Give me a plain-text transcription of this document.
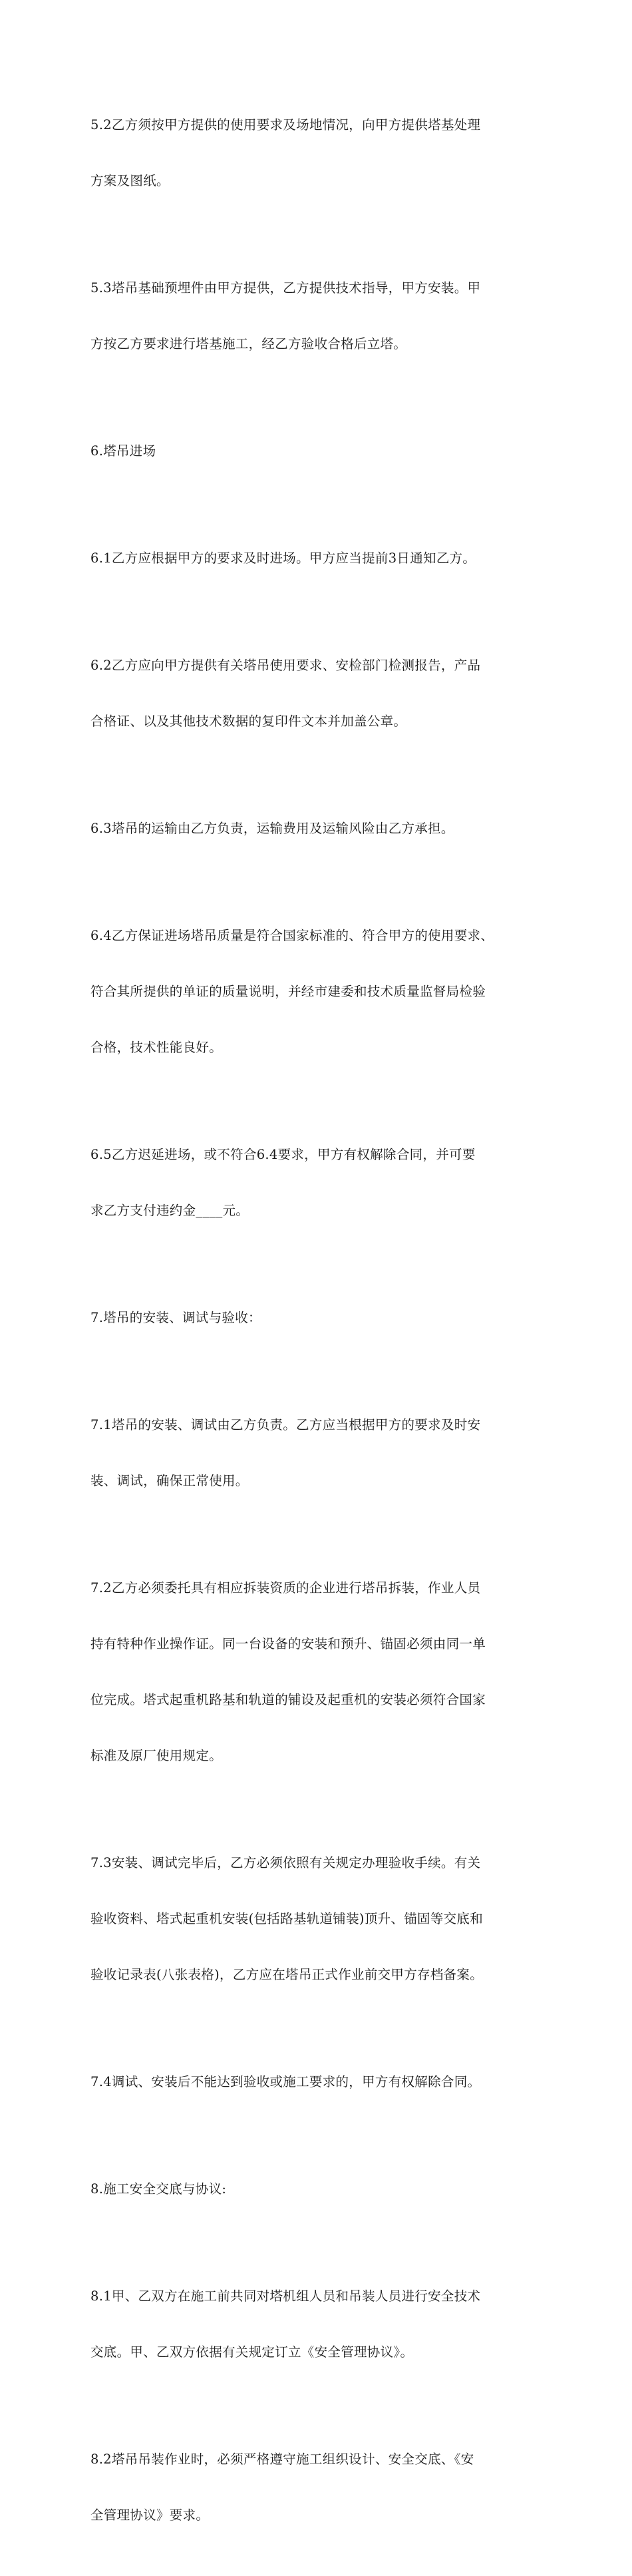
5.2乙方须按甲方提供的使用要求及场地情况，向甲方提供塔基处理

方案及图纸。

5.3塔吊基础预埋件由甲方提供，乙方提供技术指导，甲方安装。甲

方按乙方要求进行塔基施工，经乙方验收合格后立塔。

6.塔吊进场

6.1乙方应根据甲方的要求及时进场。甲方应当提前3日通知乙方。

6.2乙方应向甲方提供有关塔吊使用要求、安检部门检测报告，产品

合格证、以及其他技术数据的复印件文本并加盖公章。

6.3塔吊的运输由乙方负责，运输费用及运输风险由乙方承担。

6.4乙方保证进场塔吊质量是符合国家标准的、符合甲方的使用要求、

符合其所提供的单证的质量说明，并经市建委和技术质量监督局检验

合格，技术性能良好。

6.5乙方迟延进场，或不符合6.4要求，甲方有权解除合同，并可要

求乙方支付违约金____元。

7.塔吊的安装、调试与验收：

7.1塔吊的安装、调试由乙方负责。乙方应当根据甲方的要求及时安

装、调试，确保正常使用。

7.2乙方必须委托具有相应拆装资质的企业进行塔吊拆装，作业人员

持有特种作业操作证。同一台设备的安装和预升、锚固必须由同一单

位完成。塔式起重机路基和轨道的铺设及起重机的安装必须符合国家

标准及原厂使用规定。

7.3安装、调试完毕后，乙方必须依照有关规定办理验收手续。有关

验收资料、塔式起重机安装(包括路基轨道铺装)顶升、锚固等交底和

验收记录表(八张表格)，乙方应在塔吊正式作业前交甲方存档备案。

7.4调试、安装后不能达到验收或施工要求的，甲方有权解除合同。

8.施工安全交底与协议:

8.1甲、乙双方在施工前共同对塔机组人员和吊装人员进行安全技术

交底。甲、乙双方依据有关规定订立《安全管理协议》。

8.2塔吊吊装作业时，必须严格遵守施工组织设计、安全交底、《安

全管理协议》要求。
